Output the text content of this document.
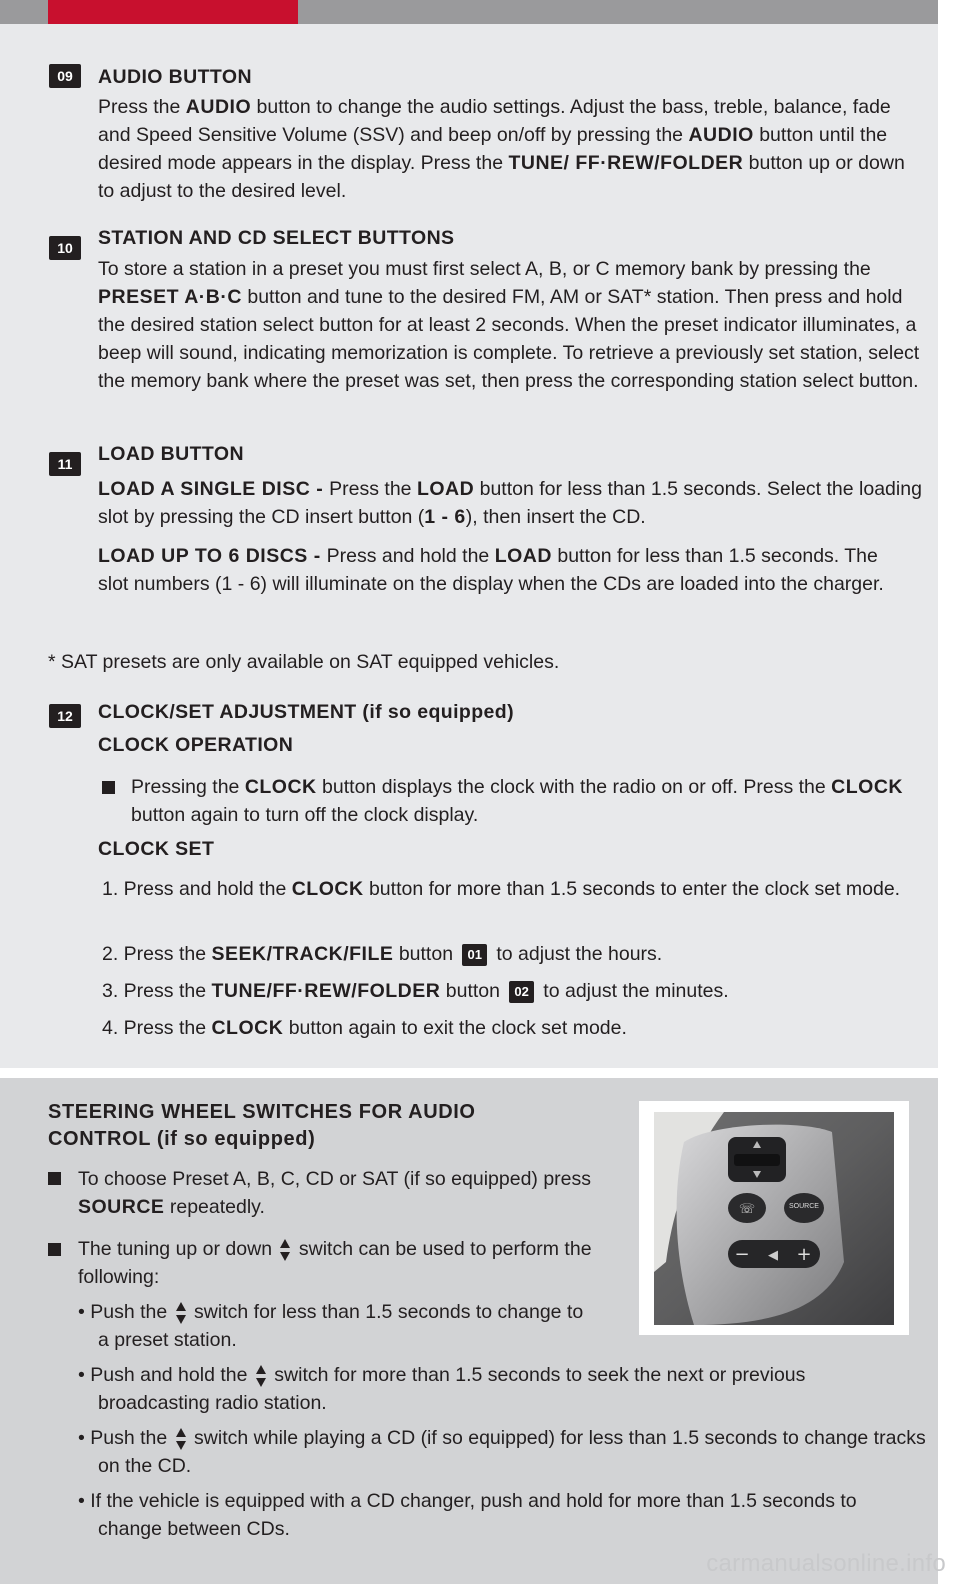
09	AUDIO BUTTON

Press the AUDIO button to change the audio settings. Adjust the bass, treble, balance, fade and Speed Sensitive Volume (SSV) and beep on/off by pressing the AUDIO button until the desired mode appears in the display. Press the TUNE/ FF·REW/FOLDER button up or down to adjust to the desired level.

10	STATION AND CD SELECT BUTTONS

To store a station in a preset you must first select A, B, or C memory bank by pressing the PRESET A·B·C button and tune to the desired FM, AM or SAT* station. Then press and hold the desired station select button for at least 2 seconds. When the preset indicator illuminates, a beep will sound, indicating memorization is complete. To retrieve a previously set station, select the memory bank where the preset was set, then press the corresponding station select button.

11	LOAD BUTTON

LOAD A SINGLE DISC - Press the LOAD button for less than 1.5 seconds. Select the loading slot by pressing the CD insert button (1 - 6), then insert the CD.

LOAD UP TO 6 DISCS - Press and hold the LOAD button for less than 1.5 seconds. The slot numbers (1 - 6) will illuminate on the display when the CDs are loaded into the charger.

* SAT presets are only available on SAT equipped vehicles.

12	CLOCK/SET ADJUSTMENT (if so equipped)
CLOCK OPERATION

Pressing the CLOCK button displays the clock with the radio on or off. Press the CLOCK button again to turn off the clock display.

CLOCK SET

1. Press and hold the CLOCK button for more than 1.5 seconds to enter the clock set mode.

2. Press the SEEK/TRACK/FILE button 01 to adjust the hours.

3. Press the TUNE/FF·REW/FOLDER button 02 to adjust the minutes.

4. Press the CLOCK button again to exit the clock set mode.

STEERING WHEEL SWITCHES FOR AUDIO
CONTROL (if so equipped)

To choose Preset A, B, C, CD or SAT (if so equipped) press SOURCE repeatedly.

The tuning up or down
switch can be used to perform the following:

• Push the
switch for less than 1.5 seconds to change to a preset station.

• Push and hold the
switch for more than 1.5 seconds to seek the next or previous broadcasting radio station.

• Push the
switch while playing a CD (if so equipped) for less than 1.5 seconds to change tracks on the CD.

• If the vehicle is equipped with a CD changer, push and hold for more than 1.5 seconds to change between CDs.

☏	SOURCE
− ◀ +
carmanualsonline.info
